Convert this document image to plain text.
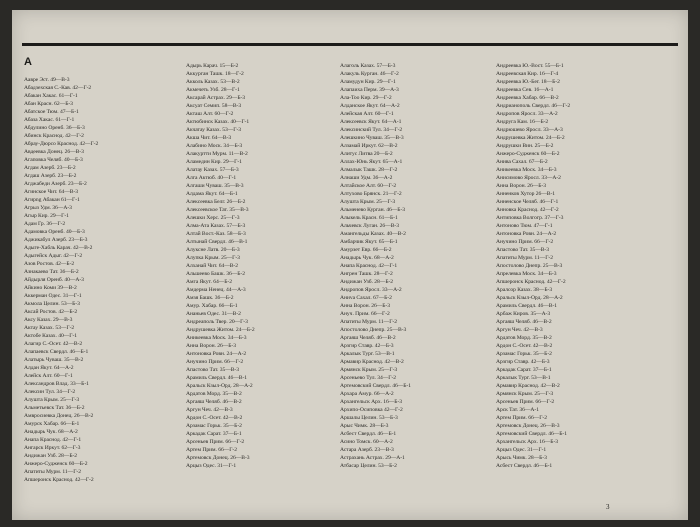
А
Аавре Эст. 49—В-3
Абадзехская С.-Кав. 42—Г-2
Абакан Хакас. 61—Г-1
Абан Красн. 62—Б-3
Абатское Тюм. 47—Б-1
Абаза Хакас. 61—Г-1
Абдулино Оренб. 36—Б-3
Абинск Краснод. 42—Г-2
Абрау-Дюрсо Краснод. 42—Г-2
Авдеевка Донец. 26—В-3
Агаповка Челяб. 40—Б-3
Агдам Азерб. 23—Б-2
Агдаш Азерб. 23—Б-2
Агджабеди Азерб. 23—Б-2
Агинское Чит. 64—В-3
Агиpng Абакан 61—Г-1
Агрыз Удм. 36—А-3
Агыр Кир. 29—Г-1
Адам Гр. 36—Г-2
Адамовка Оренб. 40—Б-3
Аджикабул Азерб. 23—Б-3
Адыге-Хабль Карач. 42—В-2
Адыгейск Адыг. 42—Г-2
Азов Ростов. 42—Б-2
Азнакаево Тат. 36—Б-2
Айдырля Оренб. 40—А-3
Айкино Коми 39—В-2
Аккерман Одес. 31—Г-1
Акмола Целин. 53—Б-3
Аксай Ростов. 42—Б-2
Аксу Казах. 29—В-3
Актау Казах. 53—Г-2
Актобе Казах. 40—Г-1
Алагир С.-Осет. 42—В-2
Алапаевск Свердл. 46—Б-1
Алатырь Чуваш. 35—В-2
Алдан Якут. 64—А-2
Алейск Алт. 60—Г-1
Александров Влад. 33—Б-1
Алексин Тул. 34—Г-2
Алушта Крым. 25—Г-3
Альметьевск Тат. 36—Б-2
Амвросиевка Донец. 26—В-2
Амурск Хабар. 66—Б-1
Анадырь Чук. 68—А-2
Анапа Краснод. 42—Г-1
Ангарск Иркут. 62—Г-3
Андижан Узб. 28—Б-2
Анжеро-Судженск 60—Б-2
Апатиты Мурм. 11—Г-2
Апшеронск Краснод. 42—Г-2
Адырь Карач. 15—Б-2
Аккурган Ташк. 18—Г-2
Акколь Казах. 53—В-2
Акмечеть Узб. 28—Г-1
Аксарай Астрах. 29—Б-3
Аксуат Семип. 58—В-3
Акташ Алт. 60—Г-2
Актюбинск Казах. 40—Г-1
Акчатау Казах. 53—Г-3
Акша Чит. 64—В-3
Алабино Моск. 34—Б-3
Алакуртти Мурм. 11—В-2
Аламедин Кир. 29—Г-1
Алатау Казах. 57—Б-3
Алга Актюб. 40—Г-1
Алгаши Чуваш. 35—В-3
Алдама Якут. 64—Б-1
Алексеевка Белг. 26—Б-2
Алексеевское Тат. 35—В-3
Алешки Херс. 25—Г-3
Алма-Ата Казах. 57—Б-3
Алтай Вост.-Каз. 58—Б-3
Алтынай Свердл. 46—В-1
Алуксне Латв. 20—Б-3
Алупка Крым. 25—Г-3
Алханай Чит. 64—В-2
Альшеево Башк. 36—Б-2
Амга Якут. 64—Б-2
Амдерма Ненец. 44—А-3
Амзя Башк. 36—Б-2
Амур. Хабар. 66—Б-1
Ананьев Одес. 31—В-2
Андреаполь Твер. 20—Г-3
Андрушевка Житом. 24—Б-2
Аникеевка Моск. 34—Б-3
Анна Ворон. 26—Б-3
Антоновка Ровн. 24—А-2
Анучино Прим. 66—Г-2
Апастово Тат. 35—В-3
Арамиль Свердл. 46—В-1
Аральск Кзыл-Орд. 28—А-2
Ардатов Морд. 35—В-2
Аргаяш Челяб. 46—В-2
Аргун Чеч. 42—В-3
Ардон С.-Осет. 42—В-2
Арзамас Горьк. 35—Б-2
Аркадак Сарат. 37—Б-1
Арсеньев Прим. 66—Г-2
Артем Прим. 66—Г-2
Артемовск Донец. 26—В-3
Арцыз Одес. 31—Г-1
Алаголь Казах. 57—Б-3
Алакуль Курган. 46—Г-2
Аламудун Кир. 29—Г-1
Алапаиха Перм. 39—А-3
Ала-Тоо Кир. 29—Г-2
Алданское Якут. 64—А-2
Алейская Алт. 60—Г-1
Алексеевск Якут. 64—А-1
Алексинский Тул. 34—Г-2
Алешкино Чуваш. 35—В-3
Алзамай Иркут. 62—В-2
Алитус Литва 20—Б-2
Аллах-Юнь Якут. 65—А-1
Алмалык Ташк. 28—Г-2
Алнаши Удм. 36—А-2
Алтайское Алт. 60—Г-2
Алтухово Брянск. 21—Г-2
Алушта Крым. 25—Г-3
Альменево Курган. 46—Б-3
Алыкель Красн. 61—Б-1
Альчевск Луган. 26—В-3
Амангельды Казах. 40—В-2
Амбарчик Якут. 65—Б-1
Амурзет Евр. 66—Б-2
Анадырь Чук. 68—А-2
Анапа Краснод. 42—Г-1
Ангрен Ташк. 28—Г-2
Андижан Узб. 28—Б-2
Андропов Яросл. 33—А-2
Аниva Сахал. 67—Б-2
Анна Ворон. 26—Б-3
Ануч. Прим. 66—Г-2
Апатиты Мурм. 11—Г-2
Апостолово Днепр. 25—В-3
Аргаяш Челяб. 46—В-2
Арзгир Ставр. 42—Б-3
Аркалык Тург. 53—В-1
Армавир Краснод. 42—В-2
Армянск Крым. 25—Г-3
Арсеньево Тул. 34—Г-2
Артемовский Свердл. 46—Б-1
Архара Амур. 66—А-2
Архангельск Арх. 16—Б-3
Архипо-Осиповка 42—Г-2
Аршалы Целин. 53—Б-3
Арыс Чимк. 28—Б-3
Асбест Свердл. 46—Б-1
Асино Томск. 60—А-2
Астара Азерб. 23—В-3
Астрахань Астрах. 29—А-1
Атбасар Целин. 53—Б-2
Андреевка Ю.-Вост. 55—Б-1
Андреевская Кир. 16—Г-4
Андреевка Ю.-Бег. 18—Б-2
Андреевка Сев. 16—А-1
Андреевка Хабар. 66—В-2
Андрианополь Свердл. 46—Г-2
Андропов Яросл. 33—А-2
Андруга Кам. 16—Б-2
Андрюшево Яросл. 33—А-3
Андрушевка Житом. 24—Б-2
Андрушки Вин. 25—Б-2
Анжеро-Судженск 60—Б-2
Анива Сахал. 67—Б-2
Аникеевка Моск. 34—Б-3
Анисимово Яросл. 33—А-2
Анна Ворон. 26—Б-3
Анненков Хутор 26—В-1
Анненское Челяб. 46—Г-1
Анновка Краснод. 42—Г-2
Антиповка Волгогр. 37—Г-3
Антоново Тюм. 47—Г-1
Антоновка Ровн. 24—А-2
Анучино Прим. 66—Г-2
Апастово Тат. 35—В-3
Апатиты Мурм. 11—Г-2
Апостолово Днепр. 25—В-3
Апрелевка Моск. 34—Б-3
Апшеронск Краснод. 42—Г-2
Аралсор Казах. 38—Б-3
Аральск Кзыл-Орд. 28—А-2
Арамиль Свердл. 46—В-1
Арбаж Киров. 35—А-3
Аргаяш Челяб. 46—В-2
Аргун Чеч. 42—В-3
Ардатов Морд. 35—В-2
Ардон С.-Осет. 42—В-2
Арзамас Горьк. 35—Б-2
Арзгир Ставр. 42—Б-3
Аркадак Сарат. 37—Б-1
Аркалык Тург. 53—В-1
Армавир Краснод. 42—В-2
Армянск Крым. 25—Г-3
Арсеньев Прим. 66—Г-2
Арск Тат. 36—А-1
Артем Прим. 66—Г-2
Артемовск Донец. 26—В-3
Артемовский Свердл. 46—Б-1
Архангельск Арх. 16—Б-3
Арцыз Одес. 31—Г-1
Арысь Чимк. 28—Б-3
Асбест Свердл. 46—Б-1
3
